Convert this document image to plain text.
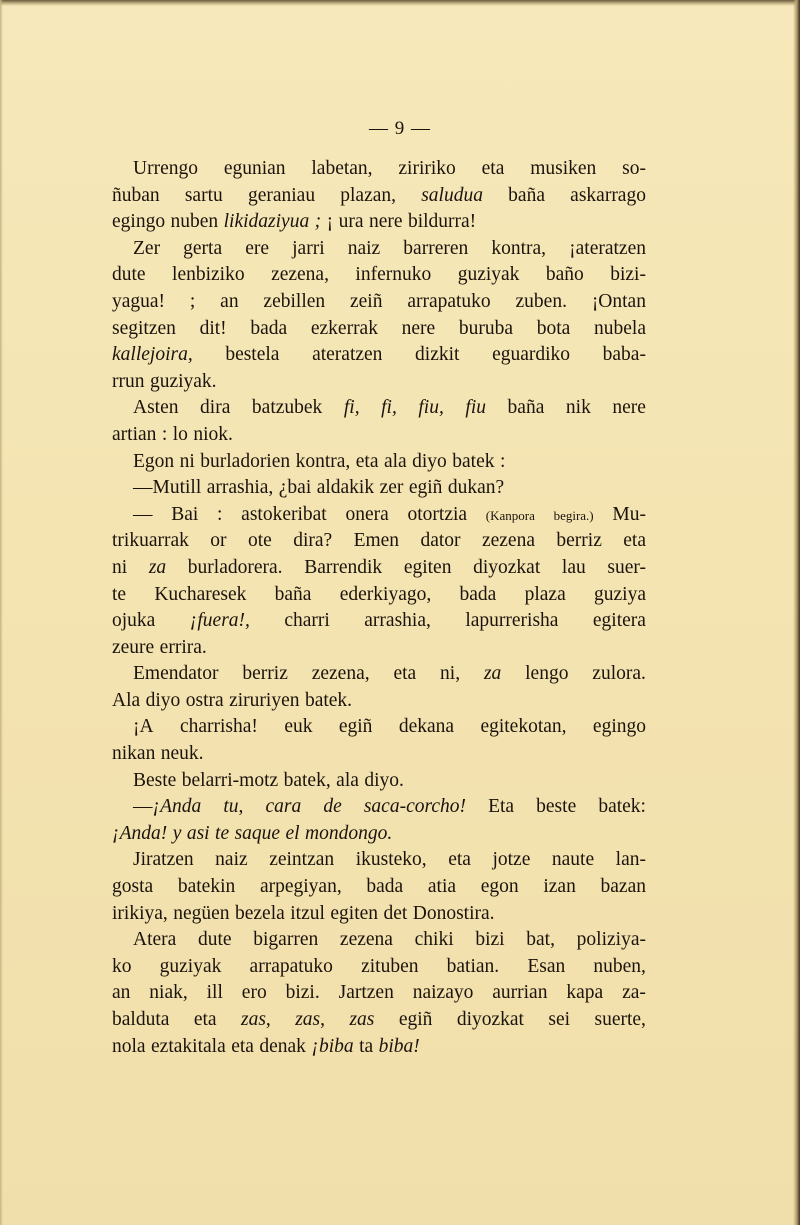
— 9 —
Urrengo egunian labetan, ziririko eta musiken so-
ñuban sartu geraniau plazan, saludua baña askarrago
egingo nuben likidaziyua ; ¡ ura nere bildurra!
Zer gerta ere jarri naiz barreren kontra, ¡ateratzen
dute lenbiziko zezena, infernuko guziyak baño bizi-
yagua! ; an zebillen zeiñ arrapatuko zuben. ¡Ontan
segitzen dit! bada ezkerrak nere buruba bota nubela
kallejoira, bestela ateratzen dizkit eguardiko baba-
rrun guziyak.
Asten dira batzubek fi, fi, fiu, fiu baña nik nere
artian : lo niok.
Egon ni burladorien kontra, eta ala diyo batek :
—Mutill arrashia, ¿bai aldakik zer egiñ dukan?
— Bai : astokeribat onera otortzia (Kanpora begira.) Mu-
trikuarrak or ote dira? Emen dator zezena berriz eta
ni za burladorera. Barrendik egiten diyozkat lau suer-
te Kucharesek baña ederkiyago, bada plaza guziya
ojuka ¡fuera!, charri arrashia, lapurrerisha egitera
zeure errira.
Emendator berriz zezena, eta ni, za lengo zulora.
Ala diyo ostra ziruriyen batek.
¡A charrisha! euk egiñ dekana egitekotan, egingo
nikan neuk.
Beste belarri-motz batek, ala diyo.
—¡Anda tu, cara de saca-corcho! Eta beste batek:
¡Anda! y asi te saque el mondongo.
Jiratzen naiz zeintzan ikusteko, eta jotze naute lan-
gosta batekin arpegiyan, bada atia egon izan bazan
irikiya, negüen bezela itzul egiten det Donostira.
Atera dute bigarren zezena chiki bizi bat, poliziya-
ko guziyak arrapatuko zituben batian. Esan nuben,
an niak, ill ero bizi. Jartzen naizayo aurrian kapa za-
balduta eta zas, zas, zas egiñ diyozkat sei suerte,
nola eztakitala eta denak ¡biba ta biba!
